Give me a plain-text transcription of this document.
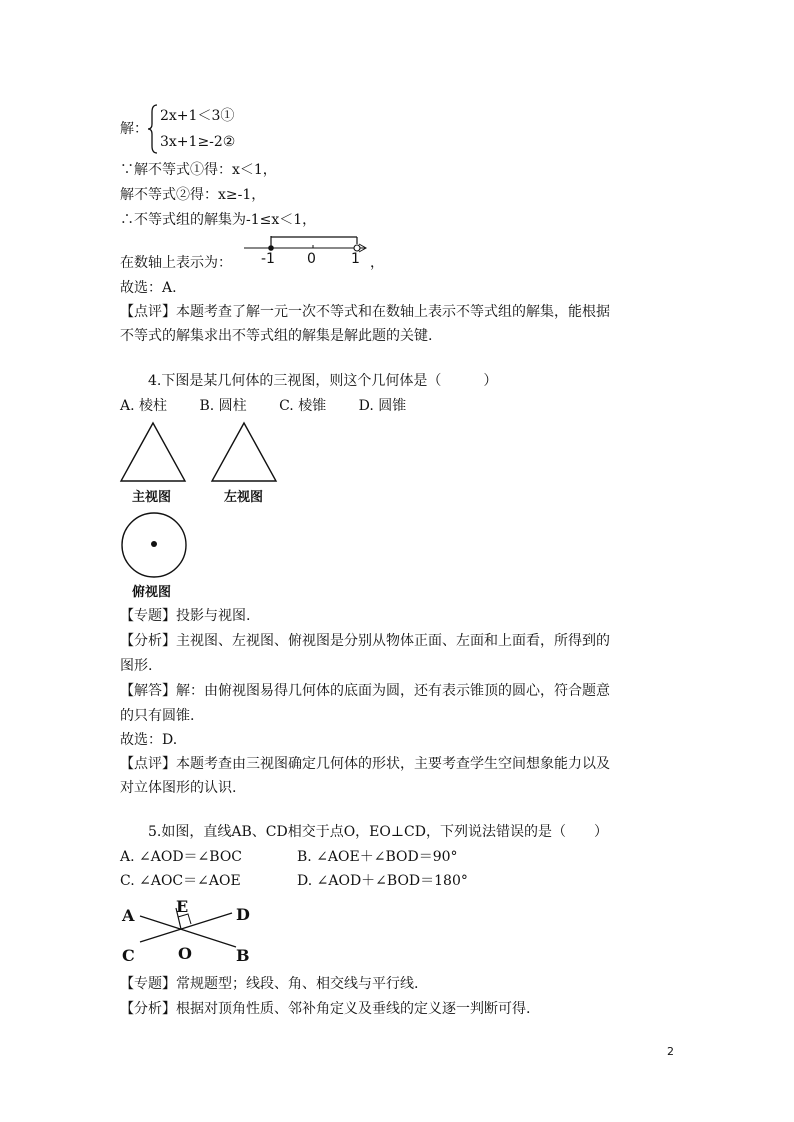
解：
2x+1＜3①
3x+1≥-2②
∵解不等式①得：x＜1，
解不等式②得：x≥-1，
∴不等式组的解集为-1≤x＜1，
在数轴上表示为： -1 0	1 ，
故选：A.
【点评】本题考查了解一元一次不等式和在数轴上表示不等式组的解集，能根据
不等式的解集求出不等式组的解集是解此题的关键.
4.下图是某几何体的三视图，则这个几何体是（　　　）
A. 棱柱　　 B. 圆柱　　 C. 棱锥　　 D. 圆锥
主视图	左视图
俯视图
【专题】投影与视图.
【分析】主视图、左视图、俯视图是分别从物体正面、左面和上面看，所得到的
图形.
【解答】解：由俯视图易得几何体的底面为圆，还有表示锥顶的圆心，符合题意
的只有圆锥.
故选：D.
【点评】本题考查由三视图确定几何体的形状，主要考查学生空间想象能力以及
对立体图形的认识.
5.如图，直线AB、CD相交于点O，EO⊥CD，下列说法错误的是（　　）
A. ∠AOD＝∠BOC	B. ∠AOE＋∠BOD＝90°
C. ∠AOC＝∠AOE	D. ∠AOD＋∠BOD＝180°
A	E	D
C	O	B
【专题】常规题型；线段、角、相交线与平行线.
【分析】根据对顶角性质、邻补角定义及垂线的定义逐一判断可得.
2
